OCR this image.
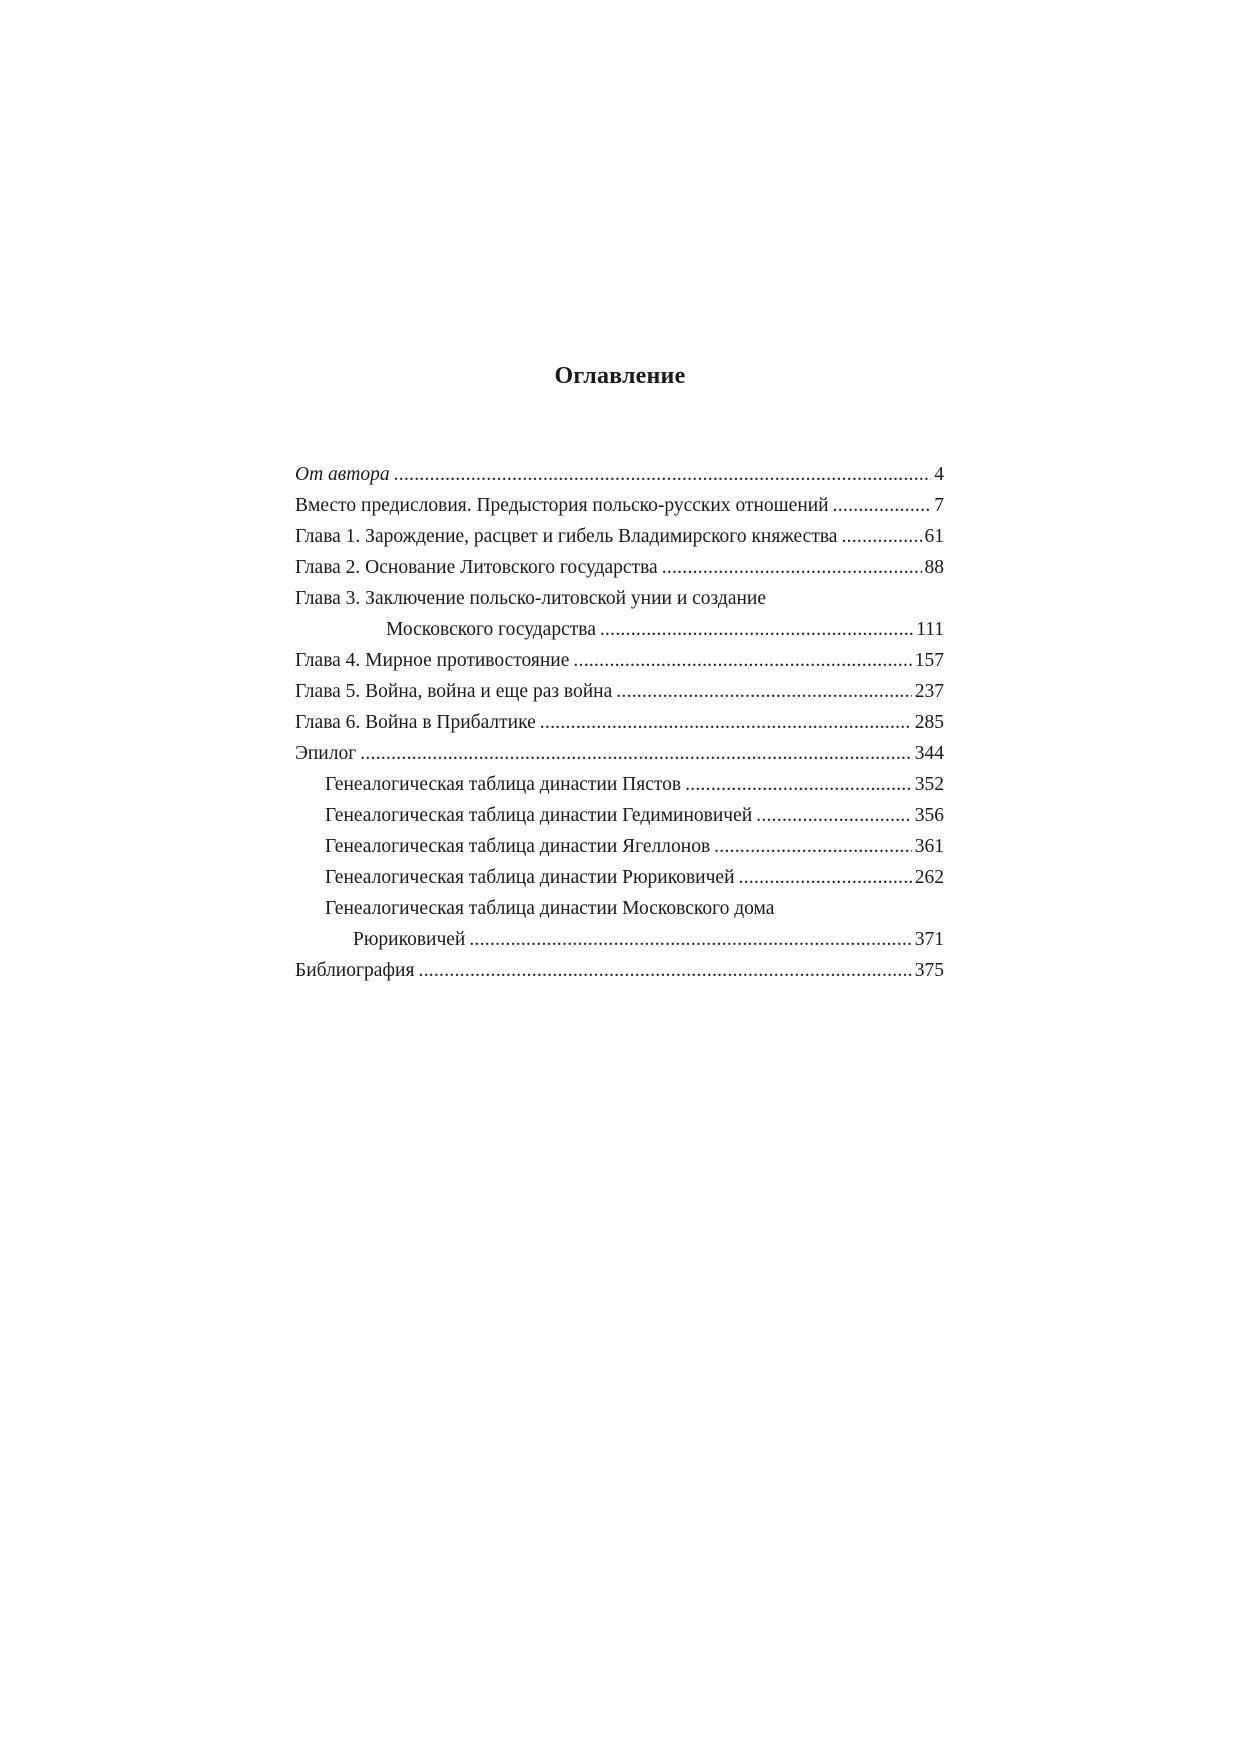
Оглавление
От автора . . .	4
Вместо предисловия. Предыстория польско-русских отношений . . .	7
Глава 1. Зарождение, расцвет и гибель Владимирского княжества . . .	61
Глава 2. Основание Литовского государства . . .	88
Глава 3. Заключение польско-литовской унии и создание
Московского государства . . .	111
Глава 4. Мирное противостояние . . .	157
Глава 5. Война, война и еще раз война . . .	237
Глава 6. Война в Прибалтике . . .	285
Эпилог . . .	344
Генеалогическая таблица династии Пястов . . .	352
Генеалогическая таблица династии Гедиминовичей . . .	356
Генеалогическая таблица династии Ягеллонов . . .	361
Генеалогическая таблица династии Рюриковичей . . .	262
Генеалогическая таблица династии Московского дома
Рюриковичей . . .	371
Библиография . . .	375
